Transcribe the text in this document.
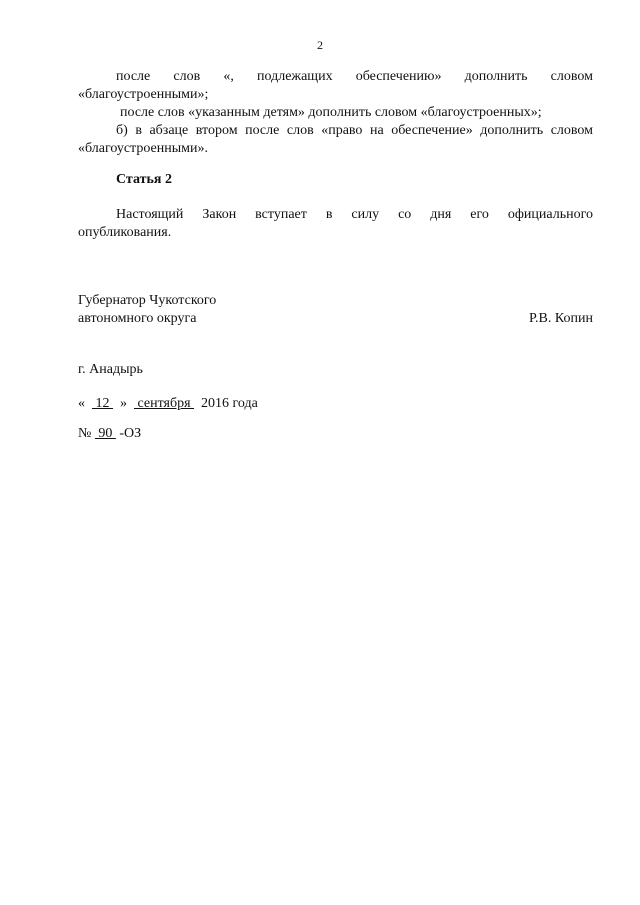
2

после слов «, подлежащих обеспечению» дополнить словом

«благоустроенными»;

после слов «указанным детям» дополнить словом «благоустроенных»;

б) в абзаце втором после слов «право на обеспечение» дополнить словом

«благоустроенными».

Статья 2

Настоящий Закон вступает в силу со дня его официального

опубликования.

Губернатор Чукотского
автономного округа	Р.В. Копин
г. Анадырь
«   12   »   сентября   2016 года
№  90  -ОЗ
